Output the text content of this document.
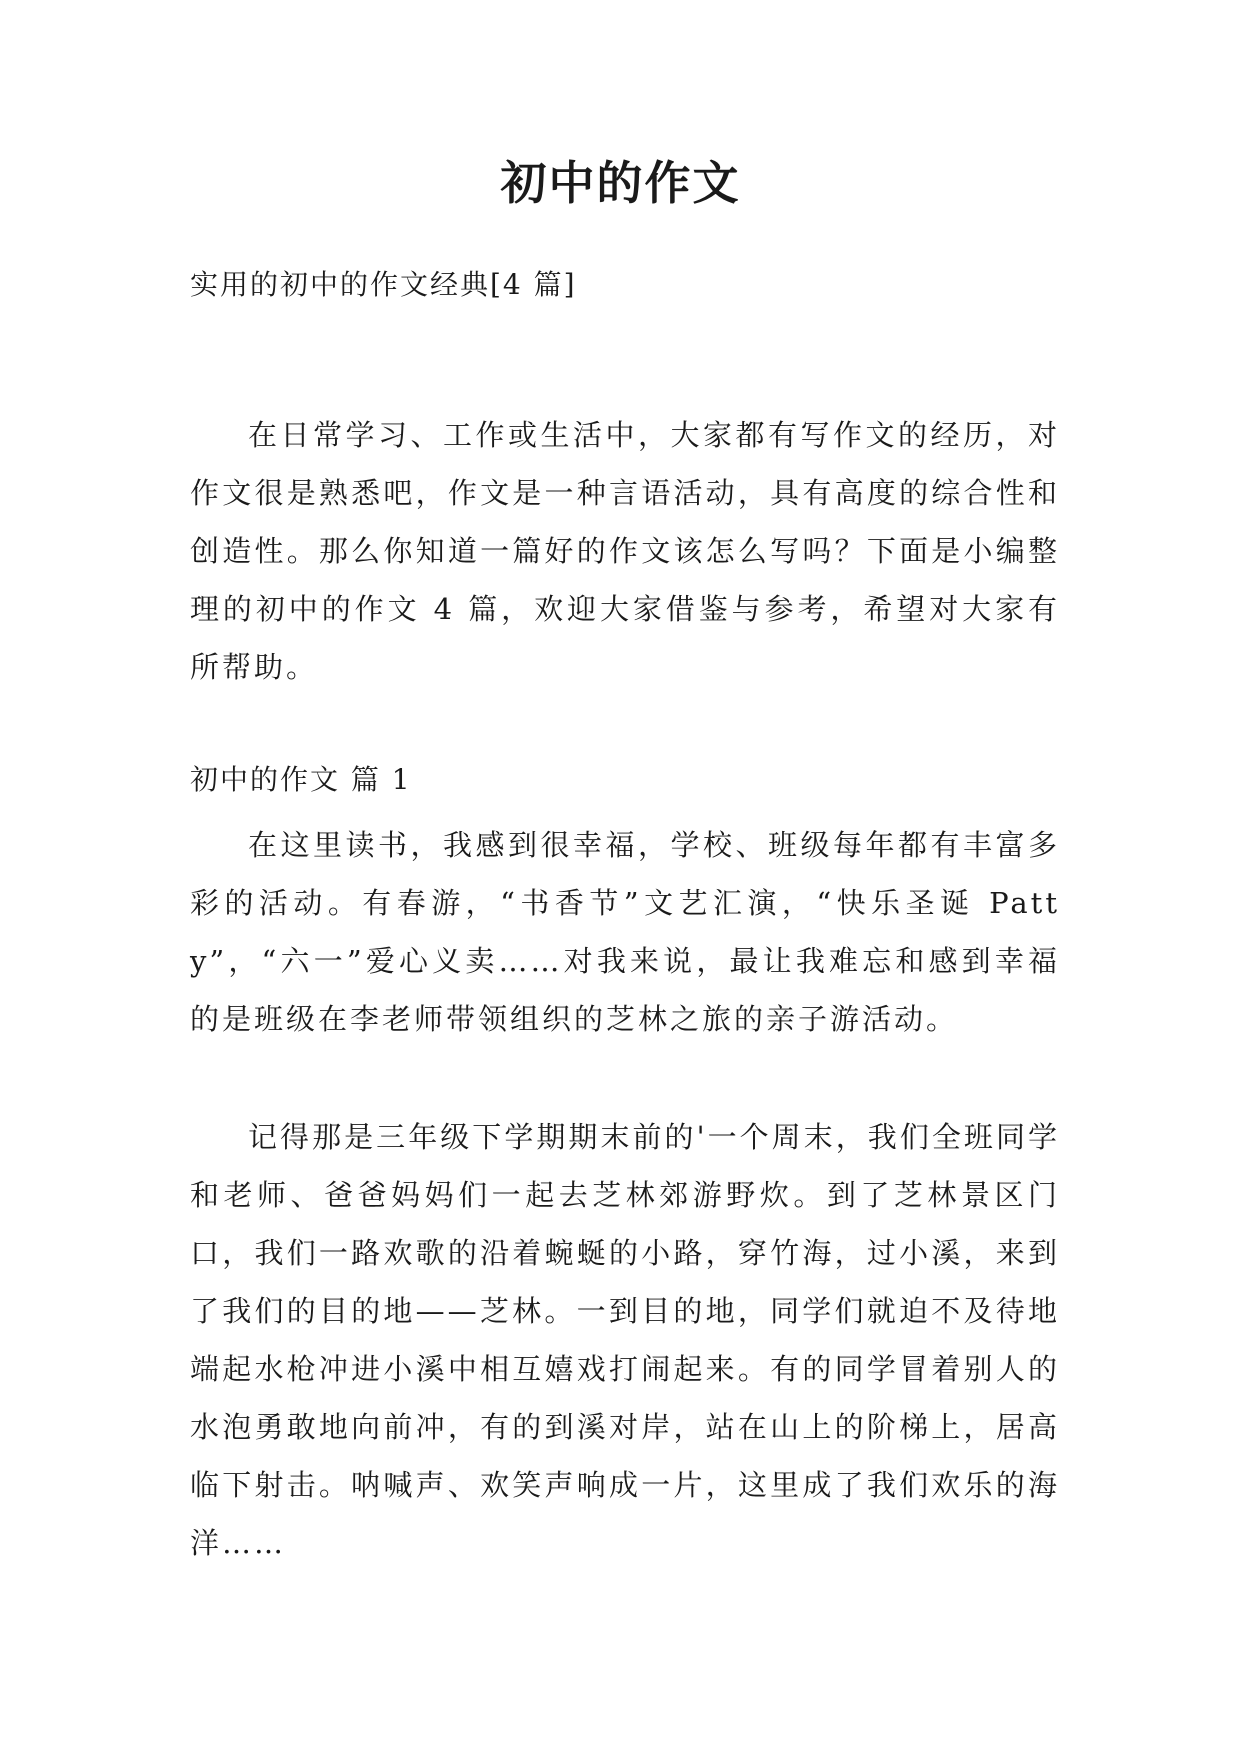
初中的作文

实用的初中的作文经典[4 篇]

在日常学习、工作或生活中，大家都有写作文的经历，对作文很是熟悉吧，作文是一种言语活动，具有高度的综合性和创造性。那么你知道一篇好的作文该怎么写吗？下面是小编整理的初中的作文 4 篇，欢迎大家借鉴与参考，希望对大家有所帮助。

初中的作文 篇 1

在这里读书，我感到很幸福，学校、班级每年都有丰富多彩的活动。有春游，“书香节”文艺汇演，“快乐圣诞 Patty”，“六一”爱心义卖……对我来说，最让我难忘和感到幸福的是班级在李老师带领组织的芝林之旅的亲子游活动。

记得那是三年级下学期期末前的'一个周末，我们全班同学和老师、爸爸妈妈们一起去芝林郊游野炊。到了芝林景区门口，我们一路欢歌的沿着蜿蜒的小路，穿竹海，过小溪，来到了我们的目的地——芝林。一到目的地，同学们就迫不及待地端起水枪冲进小溪中相互嬉戏打闹起来。有的同学冒着别人的水泡勇敢地向前冲，有的到溪对岸，站在山上的阶梯上，居高临下射击。呐喊声、欢笑声响成一片，这里成了我们欢乐的海洋……
